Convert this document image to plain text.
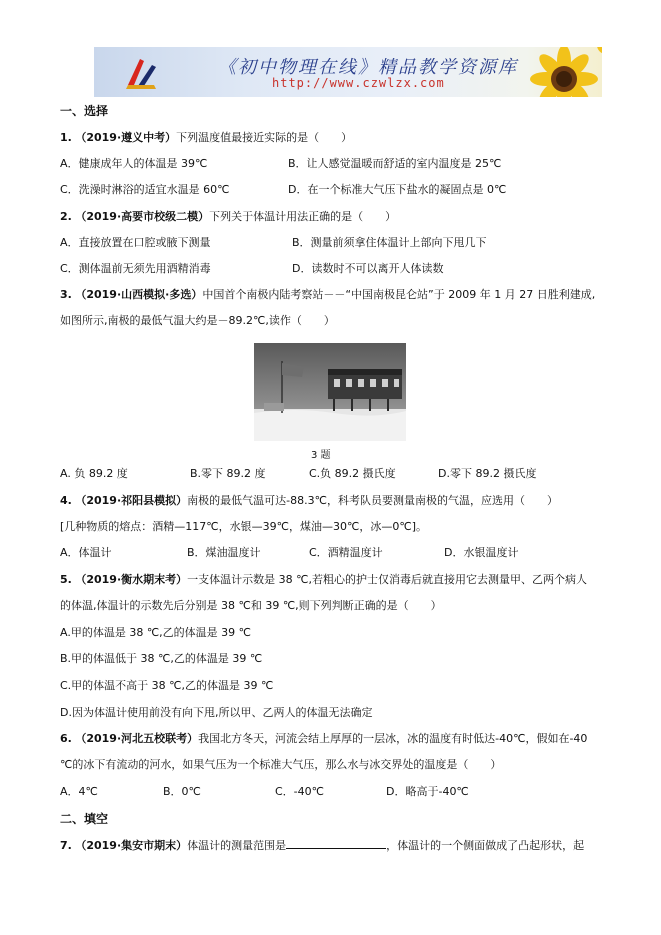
《初中物理在线》精品教学资源库
http://www.czwlzx.com
一、选择
1. （2019·遵义中考）下列温度值最接近实际的是（　　）
A．健康成年人的体温是 39℃	B．让人感觉温暖而舒适的室内温度是 25℃
C．洗澡时淋浴的适宜水温是 60℃	D．在一个标准大气压下盐水的凝固点是 0℃
2. （2019·高要市校级二模）下列关于体温计用法正确的是（　　）
A．直接放置在口腔或腋下测量	B．测量前须拿住体温计上部向下甩几下
C．测体温前无须先用酒精消毒	D．读数时不可以离开人体读数
3. （2019·山西模拟·多选）中国首个南极内陆考察站－－“中国南极昆仑站”于 2009 年 1 月 27 日胜利建成,
如图所示,南极的最低气温大约是－89.2℃,读作（　　）
3 题
A. 负 89.2 度	B.零下 89.2 度	C.负 89.2 摄氏度	D.零下 89.2 摄氏度
4. （2019·祁阳县模拟）南极的最低气温可达-88.3℃，科考队员要测量南极的气温，应选用（　　）
[几种物质的熔点：酒精—117℃，水银—39℃，煤油—30℃，冰—0℃]。
A．体温计	B．煤油温度计	C．酒精温度计	D．水银温度计
5. （2019·衡水期末考）一支体温计示数是 38 ℃,若粗心的护士仅消毒后就直接用它去测量甲、乙两个病人
的体温,体温计的示数先后分别是 38 ℃和 39 ℃,则下列判断正确的是（　　）
A.甲的体温是 38 ℃,乙的体温是 39 ℃
B.甲的体温低于 38 ℃,乙的体温是 39 ℃
C.甲的体温不高于 38 ℃,乙的体温是 39 ℃
D.因为体温计使用前没有向下甩,所以甲、乙两人的体温无法确定
6. （2019·河北五校联考）我国北方冬天，河流会结上厚厚的一层冰，冰的温度有时低达-40℃，假如在-40
℃的冰下有流动的河水，如果气压为一个标准大气压，那么水与冰交界处的温度是（　　）
A．4℃	B．0℃	C．-40℃	D．略高于-40℃
二、填空
7. （2019·集安市期末）体温计的测量范围是	，体温计的一个侧面做成了凸起形状，起
